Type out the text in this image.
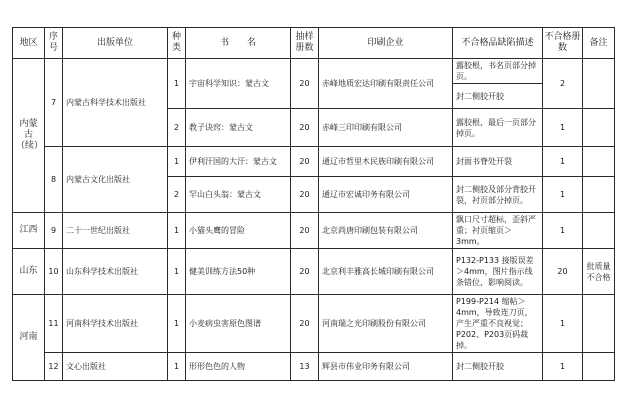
地区	序号	出版单位	种类	书　　名	抽样册数	印刷企业	不合格品缺陷描述	不合格册数	备注
内蒙古（续）	7	内蒙古科学技术出版社	1	宇宙科学知识：蒙古文	20	赤峰地质宏达印刷有限责任公司	露胶根，书名页部分掉页。	2	
							封二侧胶开胶		
			2	教子诀窍：蒙古文	20	赤峰三印印刷有限公司	露胶根，最后一页部分掉页。	1	
	8	内蒙古文化出版社	1	伊利汗国的大汗：蒙古文	20	通辽市哲里木民族印刷有限公司	封面书脊处开裂	1	

			2	罕山白头翁：蒙古文	20	通辽市宏诚印务有限公司	封二侧胶及部分背胶开裂，衬页部分掉页。	1	
江西	9	二十一世纪出版社	1	小猫头鹰的冒险	20	北京尚唐印刷包装有限公司	飘口尺寸超标，歪斜严重；衬页缩页＞3mm。	1	
山东	10	山东科学技术出版社	1	健美训练方法50种	20	北京利丰雅高长城印刷有限公司	P132-P133 接版误差＞4mm，图片指示线条错位，影响阅读。	20	批质量不合格
河南	11	河南科学技术出版社	1	小麦病虫害原色图谱	20	河南瑞之光印刷股份有限公司	P199-P214 缩帖＞4mm，导致连刀页，产生严重不良视觉；P202、P203页码裁掉。	1	
	12	文心出版社	1	形形色色的人物	13	辉县市伟业印务有限公司	封二侧胶开胶	1	
